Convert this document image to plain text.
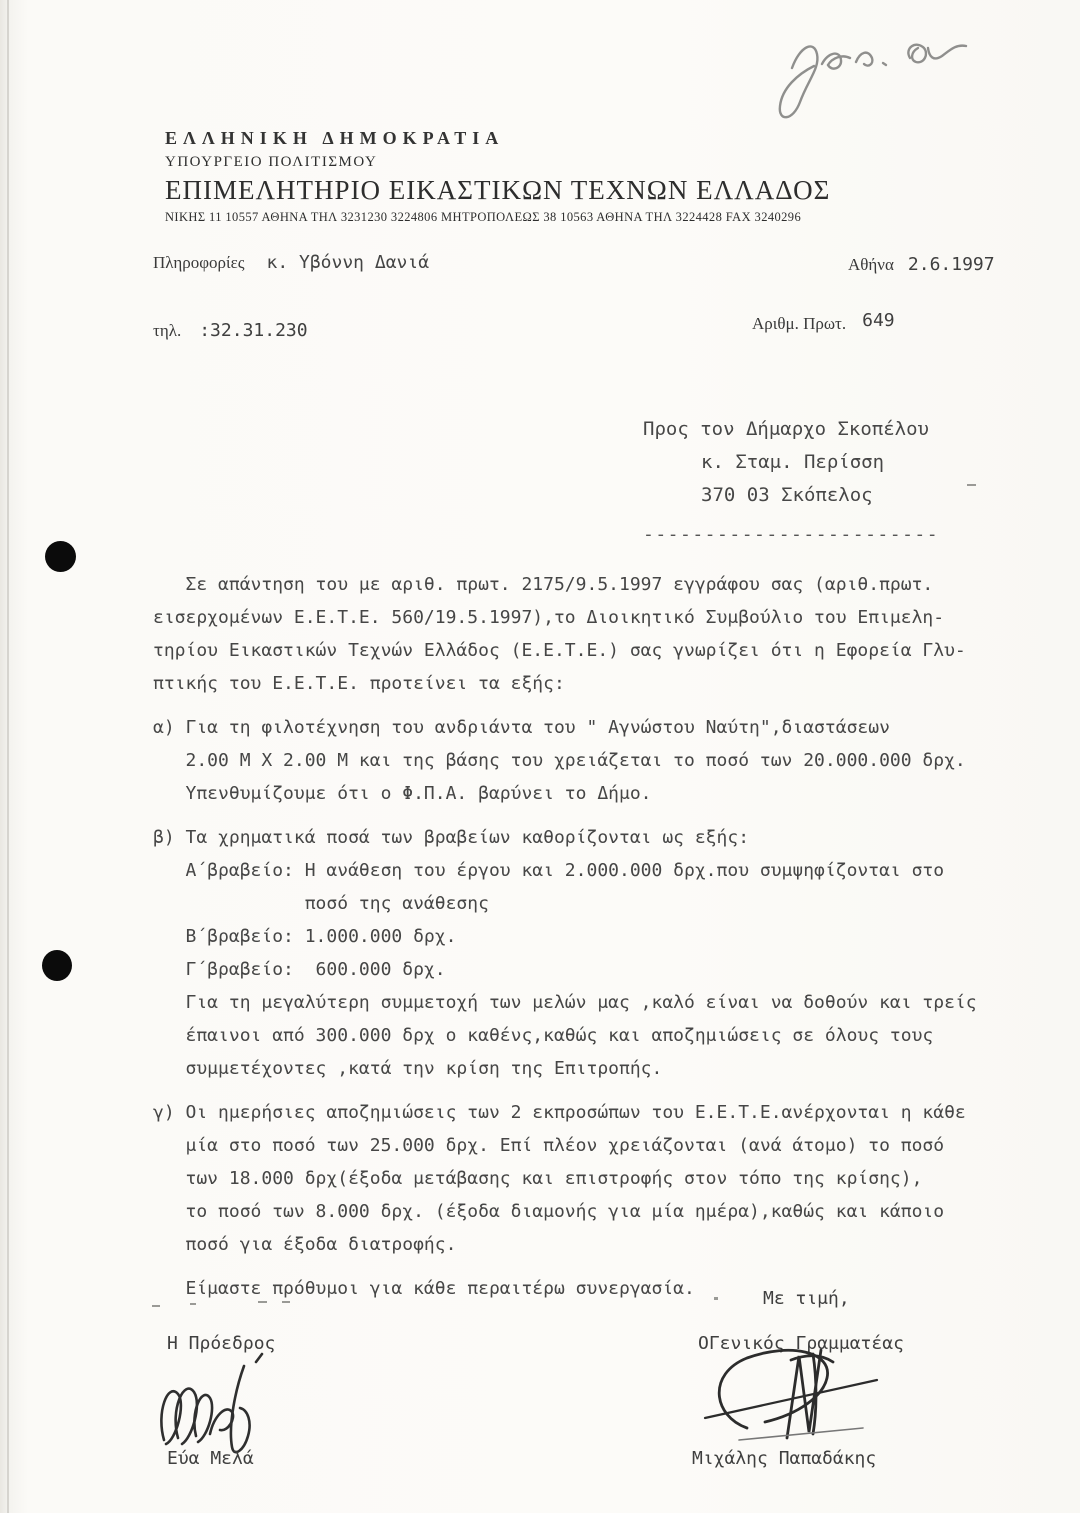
ΕΛΛΗΝΙΚΗ ΔΗΜΟΚΡΑΤΙΑ
ΥΠΟΥΡΓΕΙΟ ΠΟΛΙΤΙΣΜΟΥ
ΕΠΙΜΕΛΗΤΗΡΙΟ ΕΙΚΑΣΤΙΚΩΝ ΤΕΧΝΩΝ ΕΛΛΑΔΟΣ
ΝΙΚΗΣ 11 10557 ΑΘΗΝΑ ΤΗΛ 3231230 3224806 ΜΗΤΡΟΠΟΛΕΩΣ 38 10563 ΑΘΗΝΑ ΤΗΛ 3224428 FAX 3240296
Πληροφορίες κ. Υβόννη Δανιά	Αθήνα 2.6.1997
τηλ. :32.31.230	Αριθμ. Πρωτ. 649
Προς τον Δήμαρχο Σκοπέλου
κ. Σταμ. Περίσση
370 03 Σκόπελος
------------------------
Σε απάντηση του με αριθ. πρωτ. 2175/9.5.1997 εγγράφου σας (αριθ.πρωτ.
εισερχομένων Ε.Ε.Τ.Ε. 560/19.5.1997),το Διοικητικό Συμβούλιο του Επιμελη-
τηρίου Εικαστικών Τεχνών Ελλάδος (Ε.Ε.Τ.Ε.) σας γνωρίζει ότι η Εφορεία Γλυ-
πτικής του Ε.Ε.Τ.Ε. προτείνει τα εξής:
α) Για τη φιλοτέχνηση του ανδριάντα του " Αγνώστου Ναύτη",διαστάσεων
2.00 Μ Χ 2.00 Μ και της βάσης του χρειάζεται το ποσό των 20.000.000 δρχ.
Υπενθυμίζουμε ότι ο Φ.Π.Α. βαρύνει το Δήμο.
β) Τα χρηματικά ποσά των βραβείων καθορίζονται ως εξής:
Α΄βραβείο: Η ανάθεση του έργου και 2.000.000 δρχ.που συμψηφίζονται στο
ποσό της ανάθεσης
Β΄βραβείο: 1.000.000 δρχ.
Γ΄βραβείο:  600.000 δρχ.
Για τη μεγαλύτερη συμμετοχή των μελών μας ,καλό είναι να δοθούν και τρείς
έπαινοι από 300.000 δρχ ο καθένς,καθώς και αποζημιώσεις σε όλους τους
συμμετέχοντες ,κατά την κρίση της Επιτροπής.
γ) Οι ημερήσιες αποζημιώσεις των 2 εκπροσώπων του Ε.Ε.Τ.Ε.ανέρχονται η κάθε
μία στο ποσό των 25.000 δρχ. Επί πλέον χρειάζονται (ανά άτομο) το ποσό
των 18.000 δρχ(έξοδα μετάβασης και επιστροφής στον τόπο της κρίσης),
το ποσό των 8.000 δρχ. (έξοδα διαμονής για μία ημέρα),καθώς και κάποιο
ποσό για έξοδα διατροφής.
Είμαστε πρόθυμοι για κάθε περαιτέρω συνεργασία.	Με τιμή,
Η Πρόεδρος	ΟΓενικός Γραμματέας
Εύα Μελά	Μιχάλης Παπαδάκης
